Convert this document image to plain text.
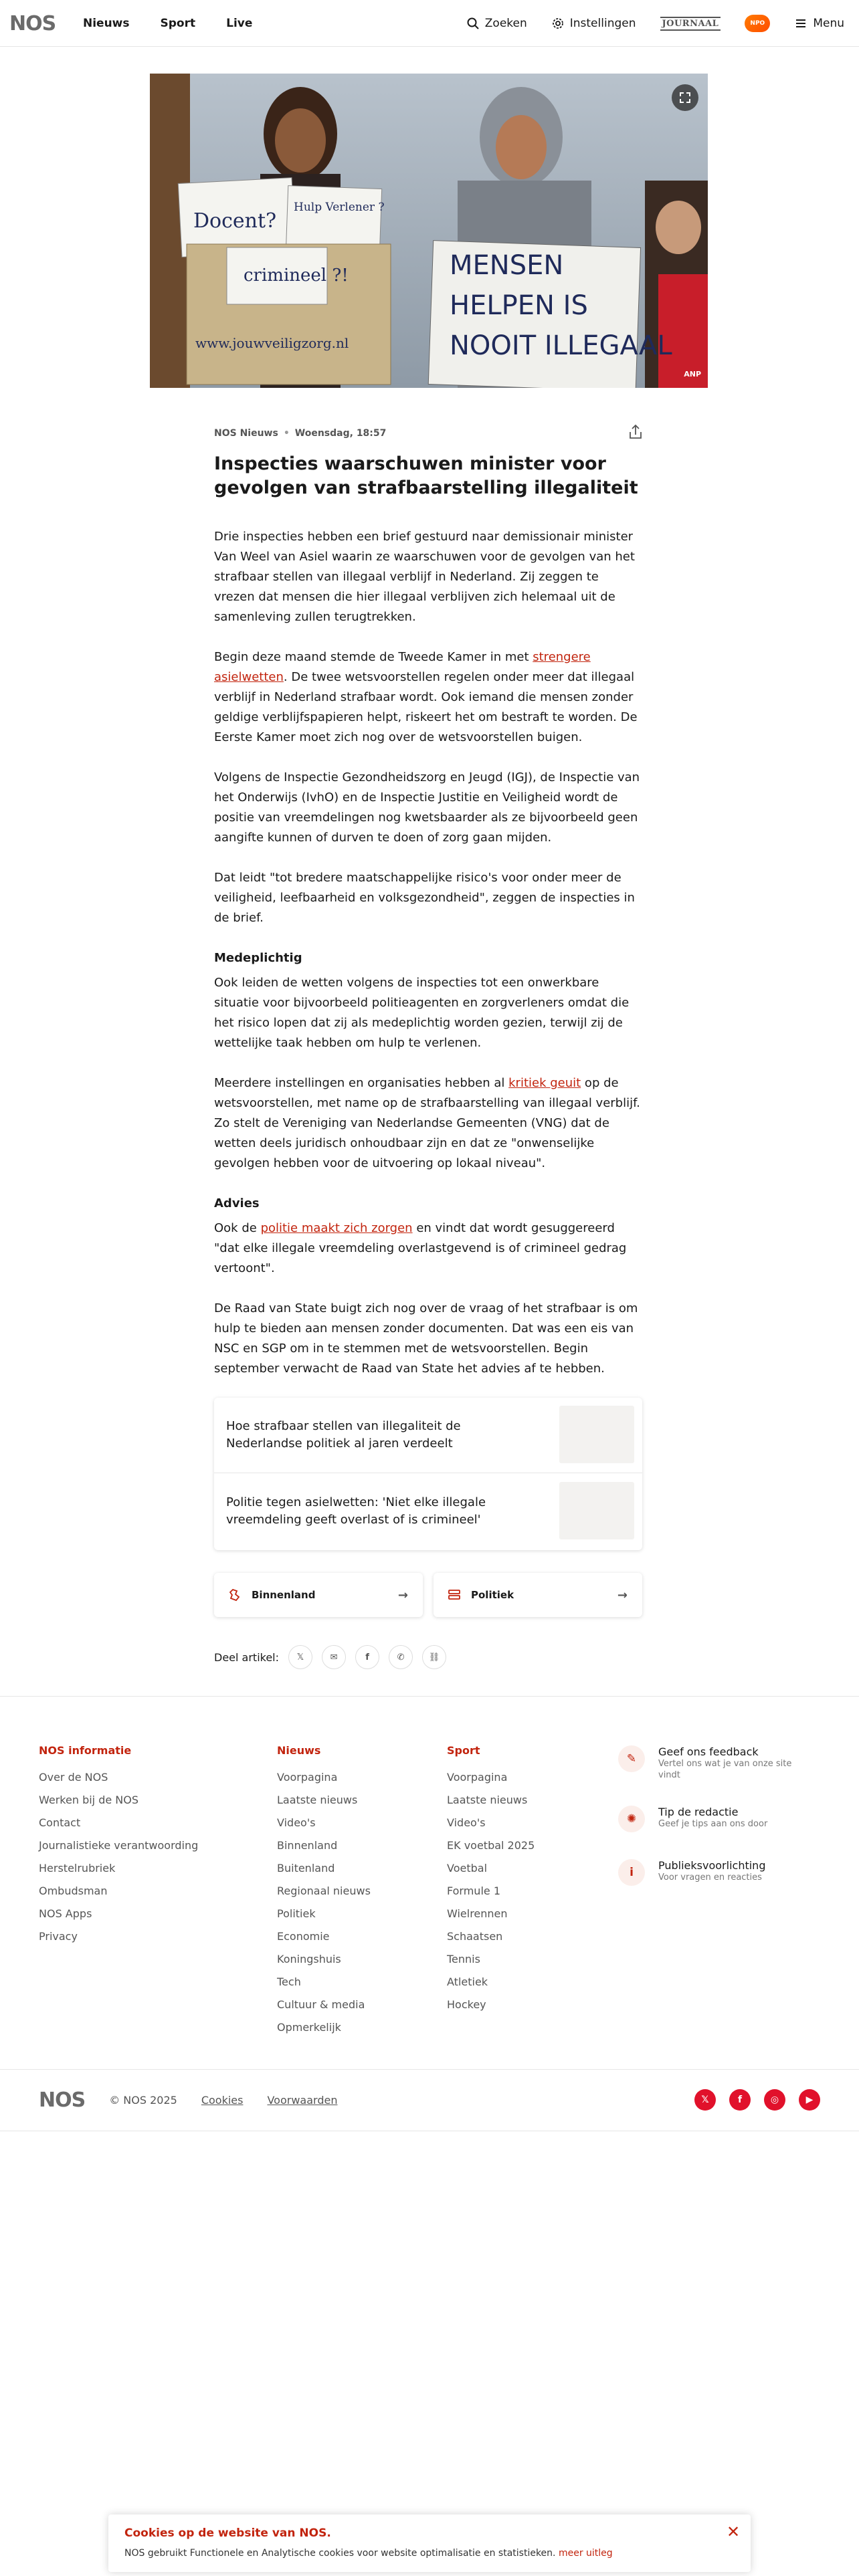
NOS Nieuws	Sport	Live	Zoeken	Instellingen	JOURNAAL	NPO	Menu
Docent?
Hulp Verlener ?
crimineel ?!
www.jouwveiligzorg.nl
MENSEN HELPEN IS NOOIT ILLEGAAL
ANP
NOS Nieuws • Woensdag, 18:57
Inspecties waarschuwen minister voor gevolgen van strafbaarstelling illegaliteit

Drie inspecties hebben een brief gestuurd naar demissionair minister Van Weel van Asiel waarin ze waarschuwen voor de gevolgen van het strafbaar stellen van illegaal verblijf in Nederland. Zij zeggen te vrezen dat mensen die hier illegaal verblijven zich helemaal uit de samenleving zullen terugtrekken.

Begin deze maand stemde de Tweede Kamer in met strengere asielwetten. De twee wetsvoorstellen regelen onder meer dat illegaal verblijf in Nederland strafbaar wordt. Ook iemand die mensen zonder geldige verblijfspapieren helpt, riskeert het om bestraft te worden. De Eerste Kamer moet zich nog over de wetsvoorstellen buigen.

Volgens de Inspectie Gezondheidszorg en Jeugd (IGJ), de Inspectie van het Onderwijs (IvhO) en de Inspectie Justitie en Veiligheid wordt de positie van vreemdelingen nog kwetsbaarder als ze bijvoorbeeld geen aangifte kunnen of durven te doen of zorg gaan mijden.

Dat leidt "tot bredere maatschappelijke risico's voor onder meer de veiligheid, leefbaarheid en volksgezondheid", zeggen de inspecties in de brief.

Medeplichtig

Ook leiden de wetten volgens de inspecties tot een onwerkbare situatie voor bijvoorbeeld politieagenten en zorgverleners omdat die het risico lopen dat zij als medeplichtig worden gezien, terwijl zij de wettelijke taak hebben om hulp te verlenen.

Meerdere instellingen en organisaties hebben al kritiek geuit op de wetsvoorstellen, met name op de strafbaarstelling van illegaal verblijf. Zo stelt de Vereniging van Nederlandse Gemeenten (VNG) dat de wetten deels juridisch onhoudbaar zijn en dat ze "onwenselijke gevolgen hebben voor de uitvoering op lokaal niveau".

Advies

Ook de politie maakt zich zorgen en vindt dat wordt gesuggereerd "dat elke illegale vreemdeling overlastgevend is of crimineel gedrag vertoont".

De Raad van State buigt zich nog over de vraag of het strafbaar is om hulp te bieden aan mensen zonder documenten. Dat was een eis van NSC en SGP om in te stemmen met de wetsvoorstellen. Begin september verwacht de Raad van State het advies af te hebben.

Hoe strafbaar stellen van illegaliteit de Nederlandse politiek al jaren verdeelt
Politie tegen asielwetten: 'Niet elke illegale vreemdeling geeft overlast of is crimineel'
Binnenland	→	Politiek	→
Deel artikel: 𝕏	✉	f	✆	⛓
NOS informatie
Over de NOS
Werken bij de NOS
Contact
Journalistieke verantwoording
Herstelrubriek
Ombudsman
NOS Apps
Privacy
Nieuws
Voorpagina
Laatste nieuws
Video's
Binnenland
Buitenland
Regionaal nieuws
Politiek
Economie
Koningshuis
Tech
Cultuur & media
Opmerkelijk
Sport
Voorpagina
Laatste nieuws
Video's
EK voetbal 2025
Voetbal
Formule 1
Wielrennen
Schaatsen
Tennis
Atletiek
Hockey
✎
Geef ons feedback
Vertel ons wat je van onze site vindt
✺
Tip de redactie
Geef je tips aan ons door
i
Publieksvoorlichting
Voor vragen en reacties
NOS © NOS 2025 Cookies Voorwaarden	𝕏	f	◎	▶
Cookies op de website van NOS.
NOS gebruikt Functionele en Analytische cookies voor website optimalisatie en statistieken. meer uitleg
✕
